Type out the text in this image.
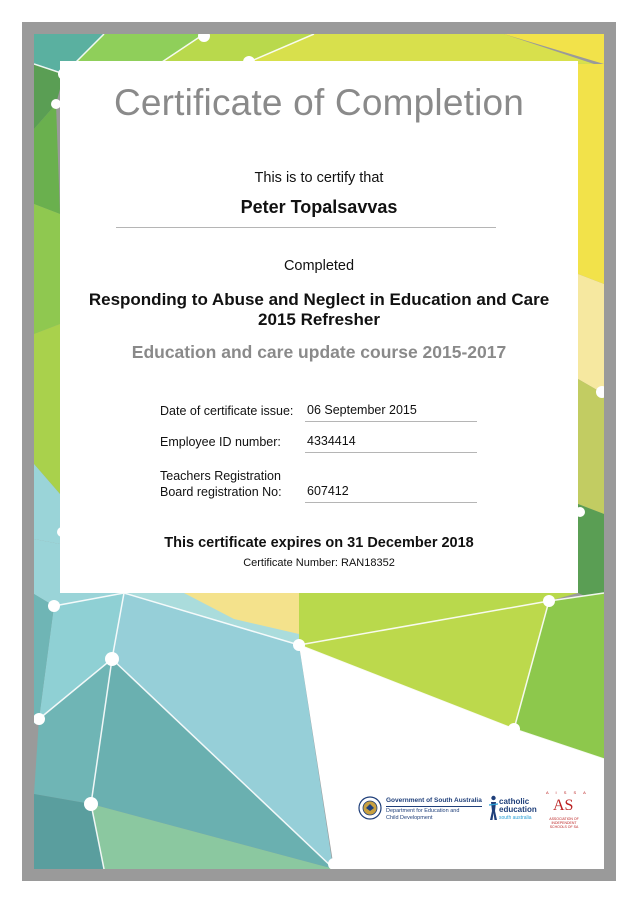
Certificate of Completion
This is to certify that
Peter Topalsavvas
Completed
Responding to Abuse and Neglect in Education and Care
2015 Refresher
Education and care update course 2015-2017
Date of certificate issue: 06 September 2015
Employee ID number: 4334414
Teachers Registration
Board registration No: 607412
This certificate expires on 31 December 2018
Certificate Number: RAN18352
Government of South Australia
Department for Education and
Child Development
catholic
education
south australia
A I S S A
AS
ASSOCIATION OF INDEPENDENT SCHOOLS OF SA
